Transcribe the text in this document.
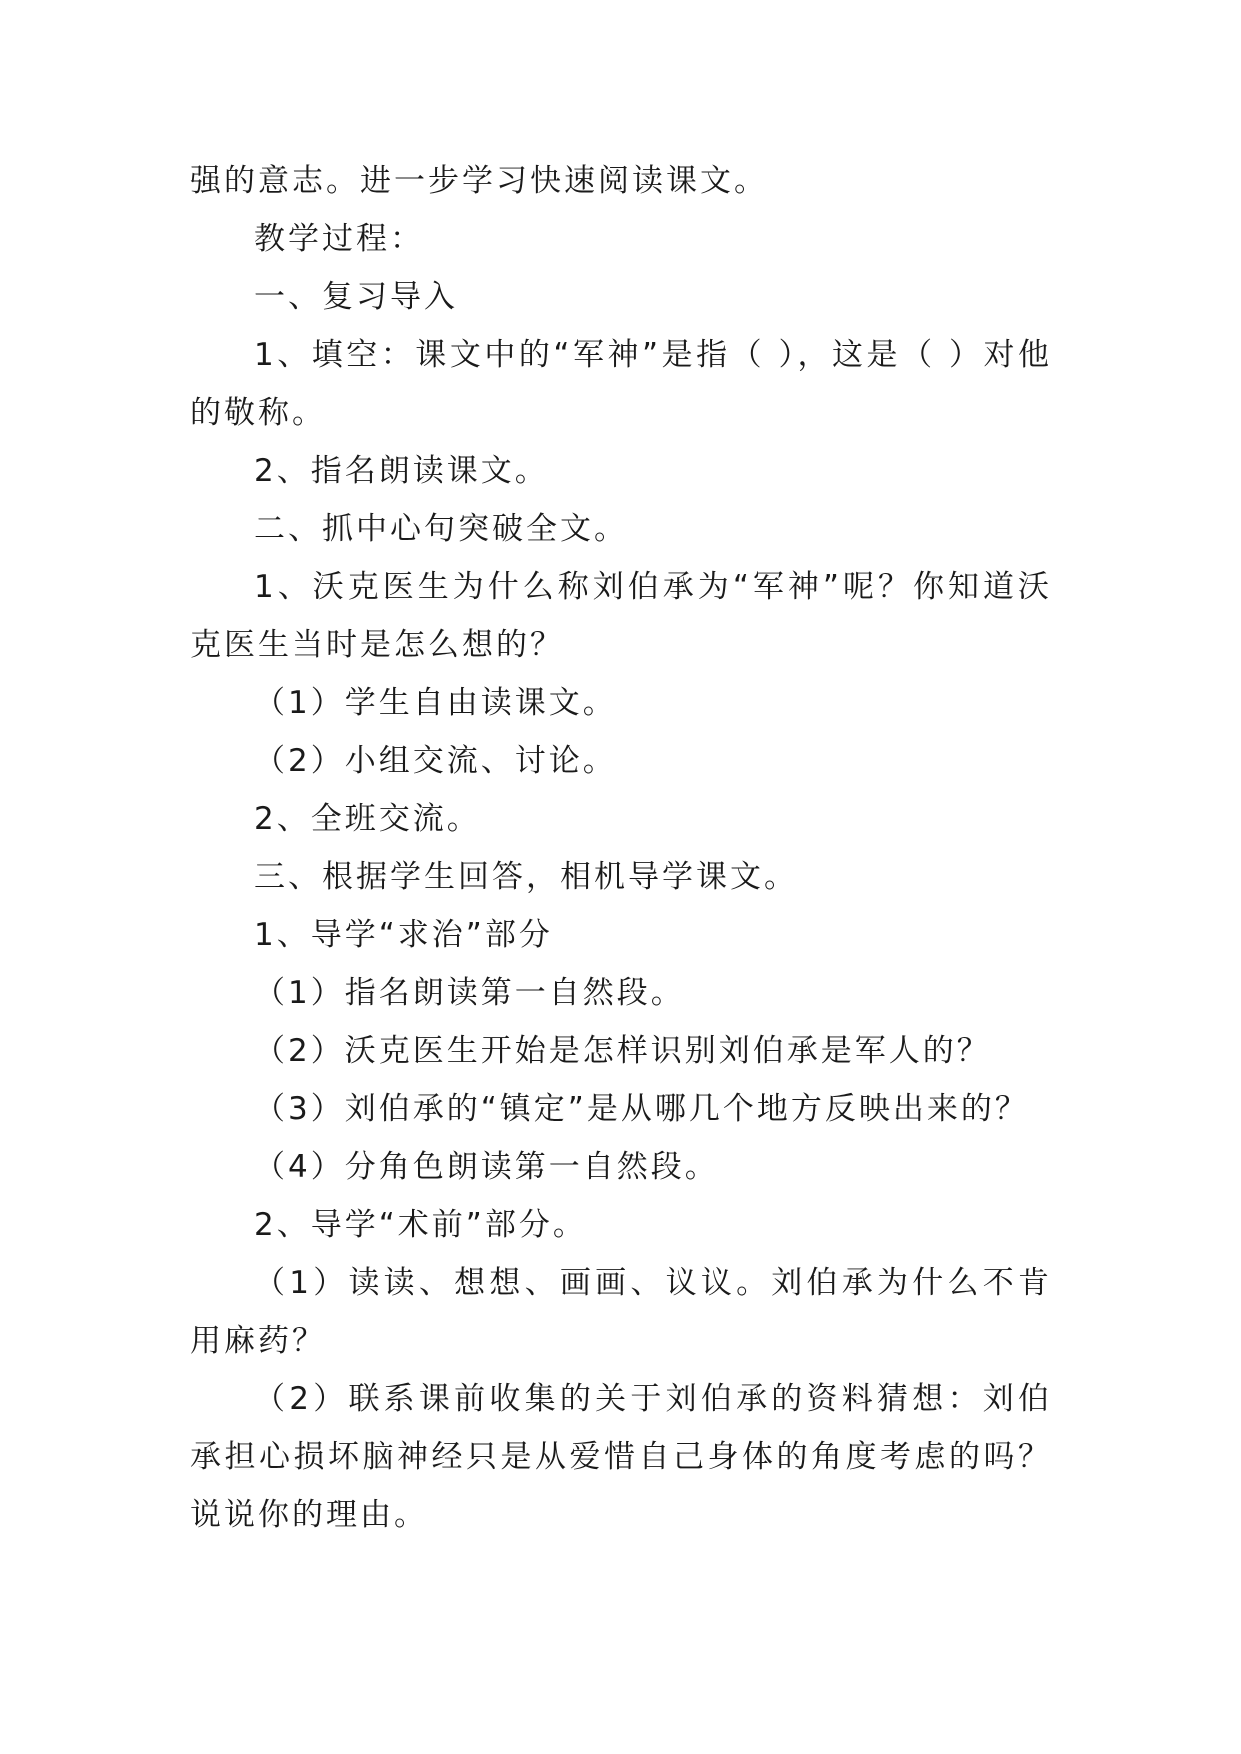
强的意志。进一步学习快速阅读课文。

教学过程：

一、复习导入

1、填空：课文中的“军神”是指（ ），这是（ ）对他的敬称。

2、指名朗读课文。

二、抓中心句突破全文。

1、沃克医生为什么称刘伯承为“军神”呢？你知道沃克医生当时是怎么想的？

（1）学生自由读课文。

（2）小组交流、讨论。

2、全班交流。

三、根据学生回答，相机导学课文。

1、导学“求治”部分

（1）指名朗读第一自然段。

（2）沃克医生开始是怎样识别刘伯承是军人的？

（3）刘伯承的“镇定”是从哪几个地方反映出来的？

（4）分角色朗读第一自然段。

2、导学“术前”部分。

（1）读读、想想、画画、议议。刘伯承为什么不肯用麻药？

（2）联系课前收集的关于刘伯承的资料猜想：刘伯承担心损坏脑神经只是从爱惜自己身体的角度考虑的吗？说说你的理由。
